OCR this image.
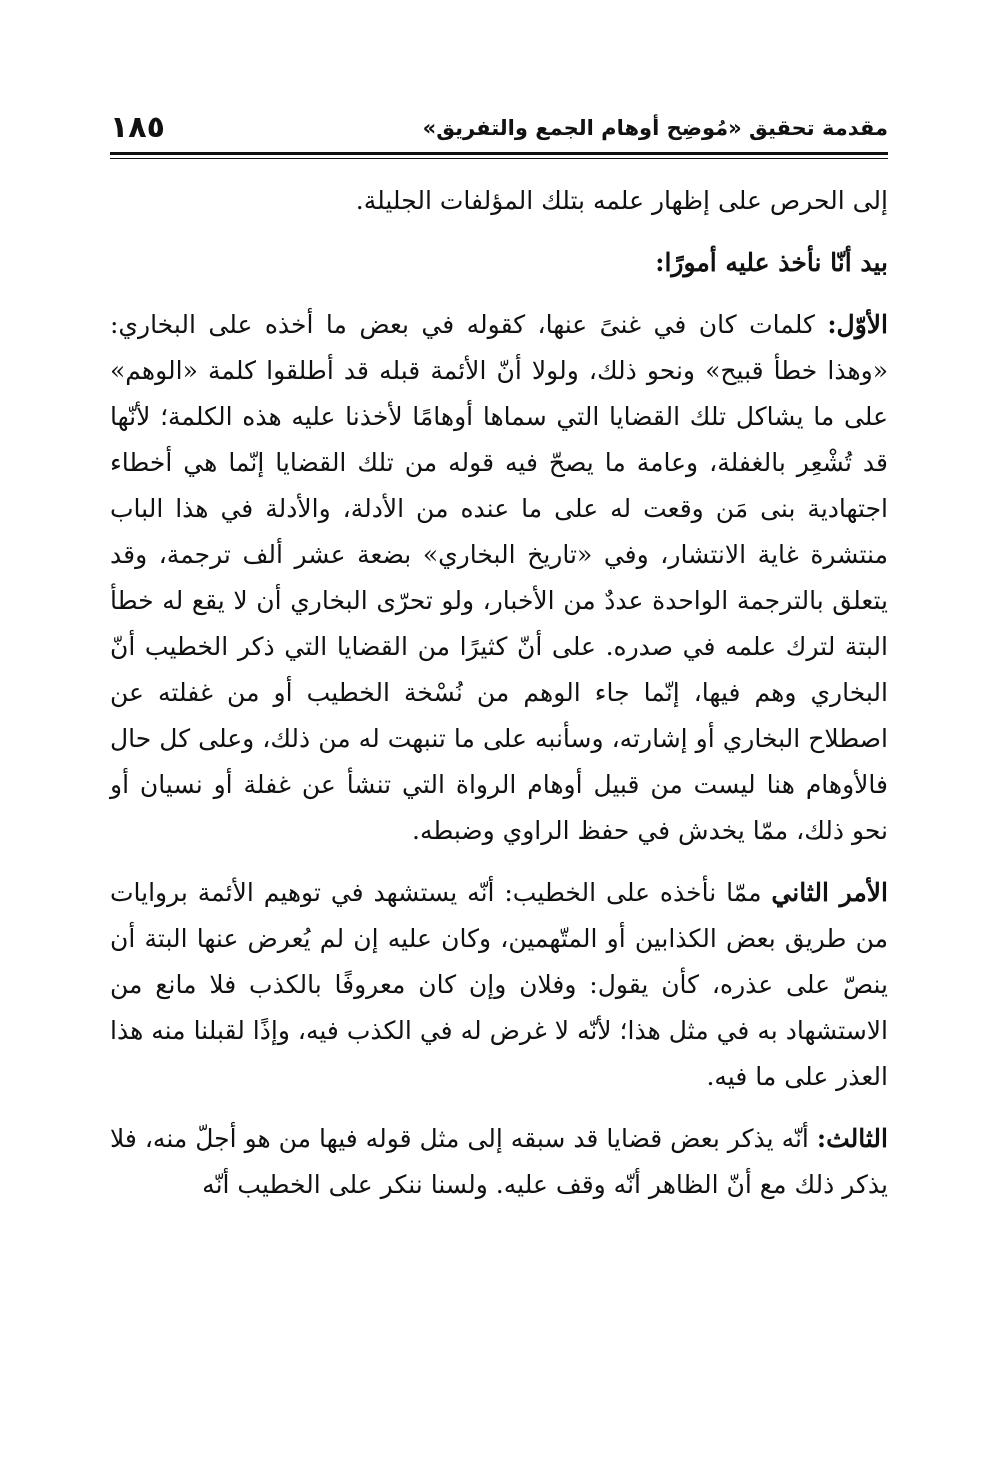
مقدمة تحقيق «مُوضِح أوهام الجمع والتفريق»
١٨٥

إلى الحرص على إظهار علمه بتلك المؤلفات الجليلة.

بيد أنّا نأخذ عليه أمورًا:

الأوّل: كلمات كان في غنىً عنها، كقوله في بعض ما أخذه على البخاري: «وهذا خطأ قبيح» ونحو ذلك، ولولا أنّ الأئمة قبله قد أطلقوا كلمة «الوهم» على ما يشاكل تلك القضايا التي سماها أوهامًا لأخذنا عليه هذه الكلمة؛ لأنّها قد تُشْعِر بالغفلة، وعامة ما يصحّ فيه قوله من تلك القضايا إنّما هي أخطاء اجتهادية بنى مَن وقعت له على ما عنده من الأدلة، والأدلة في هذا الباب منتشرة غاية الانتشار، وفي «تاريخ البخاري» بضعة عشر ألف ترجمة، وقد يتعلق بالترجمة الواحدة عددٌ من الأخبار، ولو تحرّى البخاري أن لا يقع له خطأ البتة لترك علمه في صدره. على أنّ كثيرًا من القضايا التي ذكر الخطيب أنّ البخاري وهم فيها، إنّما جاء الوهم من نُسْخة الخطيب أو من غفلته عن اصطلاح البخاري أو إشارته، وسأنبه على ما تنبهت له من ذلك، وعلى كل حال فالأوهام هنا ليست من قبيل أوهام الرواة التي تنشأ عن غفلة أو نسيان أو نحو ذلك، ممّا يخدش في حفظ الراوي وضبطه.

الأمر الثاني ممّا نأخذه على الخطيب: أنّه يستشهد في توهيم الأئمة بروايات من طريق بعض الكذابين أو المتّهمين، وكان عليه إن لم يُعرض عنها البتة أن ينصّ على عذره، كأن يقول: وفلان وإن كان معروفًا بالكذب فلا مانع من الاستشهاد به في مثل هذا؛ لأنّه لا غرض له في الكذب فيه، وإذًا لقبلنا منه هذا العذر على ما فيه.

الثالث: أنّه يذكر بعض قضايا قد سبقه إلى مثل قوله فيها من هو أجلّ منه، فلا يذكر ذلك مع أنّ الظاهر أنّه وقف عليه. ولسنا ننكر على الخطيب أنّه
